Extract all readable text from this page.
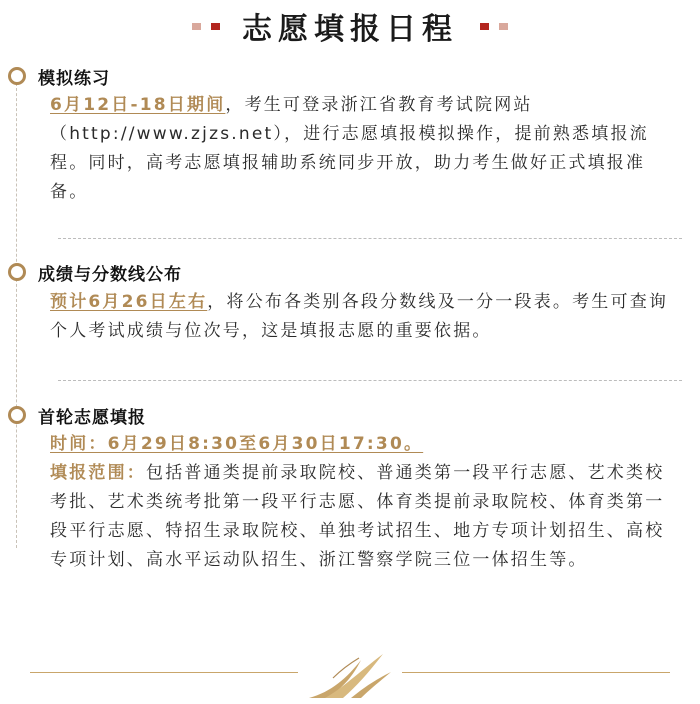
志愿填报日程
模拟练习

6月12日-18日期间，考生可登录浙江省教育考试院网站（http://www.zjzs.net），进行志愿填报模拟操作，提前熟悉填报流程。同时，高考志愿填报辅助系统同步开放，助力考生做好正式填报准备。

成绩与分数线公布

预计6月26日左右，将公布各类别各段分数线及一分一段表。考生可查询个人考试成绩与位次号，这是填报志愿的重要依据。

首轮志愿填报

时间：6月29日8:30至6月30日17:30。

填报范围：包括普通类提前录取院校、普通类第一段平行志愿、艺术类校考批、艺术类统考批第一段平行志愿、体育类提前录取院校、体育类第一段平行志愿、特招生录取院校、单独考试招生、地方专项计划招生、高校专项计划、高水平运动队招生、浙江警察学院三位一体招生等。
